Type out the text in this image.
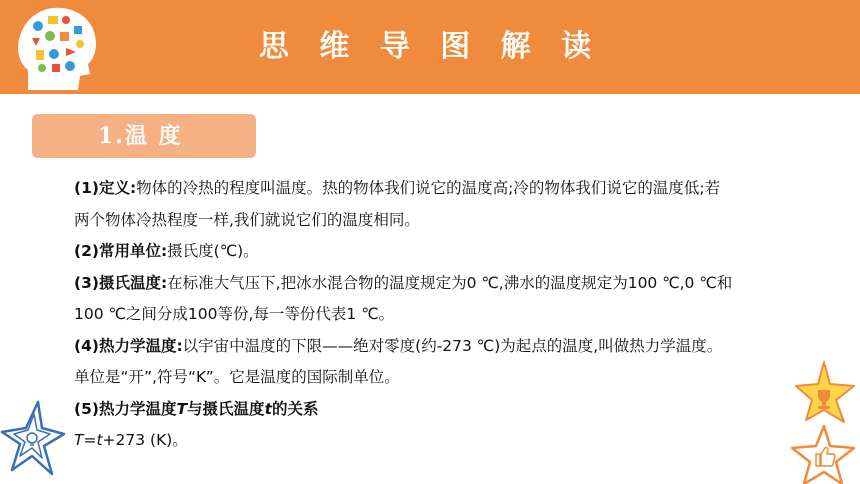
思 维 导 图 解 读
1.温 度

(1)定义:物体的冷热的程度叫温度。热的物体我们说它的温度高;冷的物体我们说它的温度低;若两个物体冷热程度一样,我们就说它们的温度相同。

(2)常用单位:摄氏度(℃)。

(3)摄氏温度:在标准大气压下,把冰水混合物的温度规定为0 ℃,沸水的温度规定为100 ℃,0 ℃和100 ℃之间分成100等份,每一等份代表1 ℃。

(4)热力学温度:以宇宙中温度的下限——绝对零度(约-273 ℃)为起点的温度,叫做热力学温度。单位是“开”,符号“K”。它是温度的国际制单位。

(5)热力学温度T与摄氏温度t的关系

T=t+273 (K)。
